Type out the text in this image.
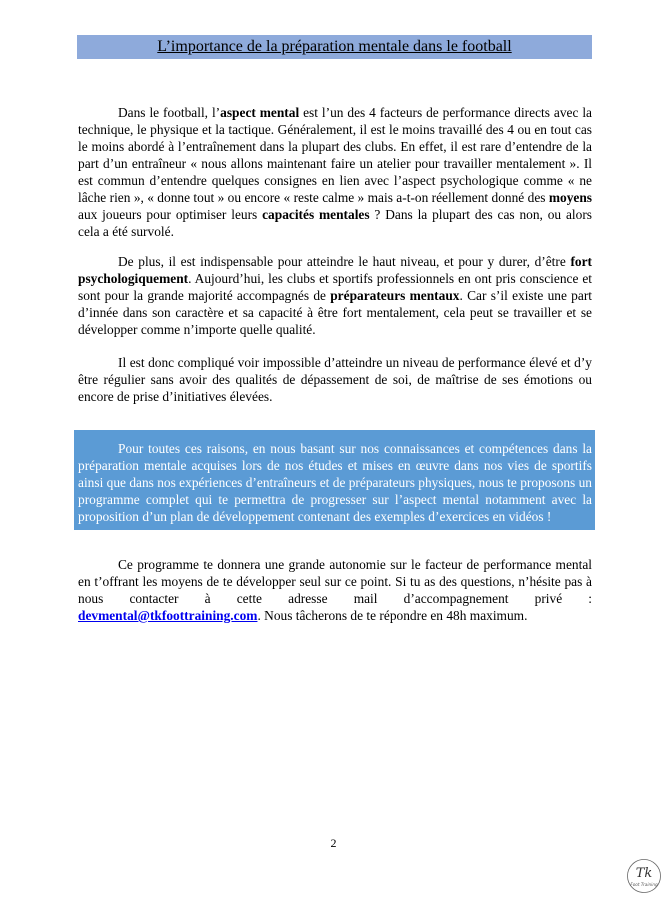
L’importance de la préparation mentale dans le football

Dans le football, l’aspect mental est l’un des 4 facteurs de performance directs avec la technique, le physique et la tactique. Généralement, il est le moins travaillé des 4 ou en tout cas le moins abordé à l’entraînement dans la plupart des clubs. En effet, il est rare d’entendre de la part d’un entraîneur « nous allons maintenant faire un atelier pour travailler mentalement ». Il est commun d’entendre quelques consignes en lien avec l’aspect psychologique comme « ne lâche rien », « donne tout » ou encore « reste calme » mais a-t-on réellement donné des moyens aux joueurs pour optimiser leurs capacités mentales ? Dans la plupart des cas non, ou alors cela a été survolé.

De plus, il est indispensable pour atteindre le haut niveau, et pour y durer, d’être fort psychologiquement. Aujourd’hui, les clubs et sportifs professionnels en ont pris conscience et sont pour la grande majorité accompagnés de préparateurs mentaux. Car s’il existe une part d’innée dans son caractère et sa capacité à être fort mentalement, cela peut se travailler et se développer comme n’importe quelle qualité.

Il est donc compliqué voir impossible d’atteindre un niveau de performance élevé et d’y être régulier sans avoir des qualités de dépassement de soi, de maîtrise de ses émotions ou encore de prise d’initiatives élevées.

Pour toutes ces raisons, en nous basant sur nos connaissances et compétences dans la préparation mentale acquises lors de nos études et mises en œuvre dans nos vies de sportifs ainsi que dans nos expériences d’entraîneurs et de préparateurs physiques, nous te proposons un programme complet qui te permettra de progresser sur l’aspect mental notamment avec la proposition d’un plan de développement contenant des exemples d’exercices en vidéos !

Ce programme te donnera une grande autonomie sur le facteur de performance mental en t’offrant les moyens de te développer seul sur ce point. Si tu as des questions, n’hésite pas à nous contacter à cette adresse mail d’accompagnement privé : devmental@tkfoottraining.com. Nous tâcherons de te répondre en 48h maximum.

2
Tk
Foot Training
